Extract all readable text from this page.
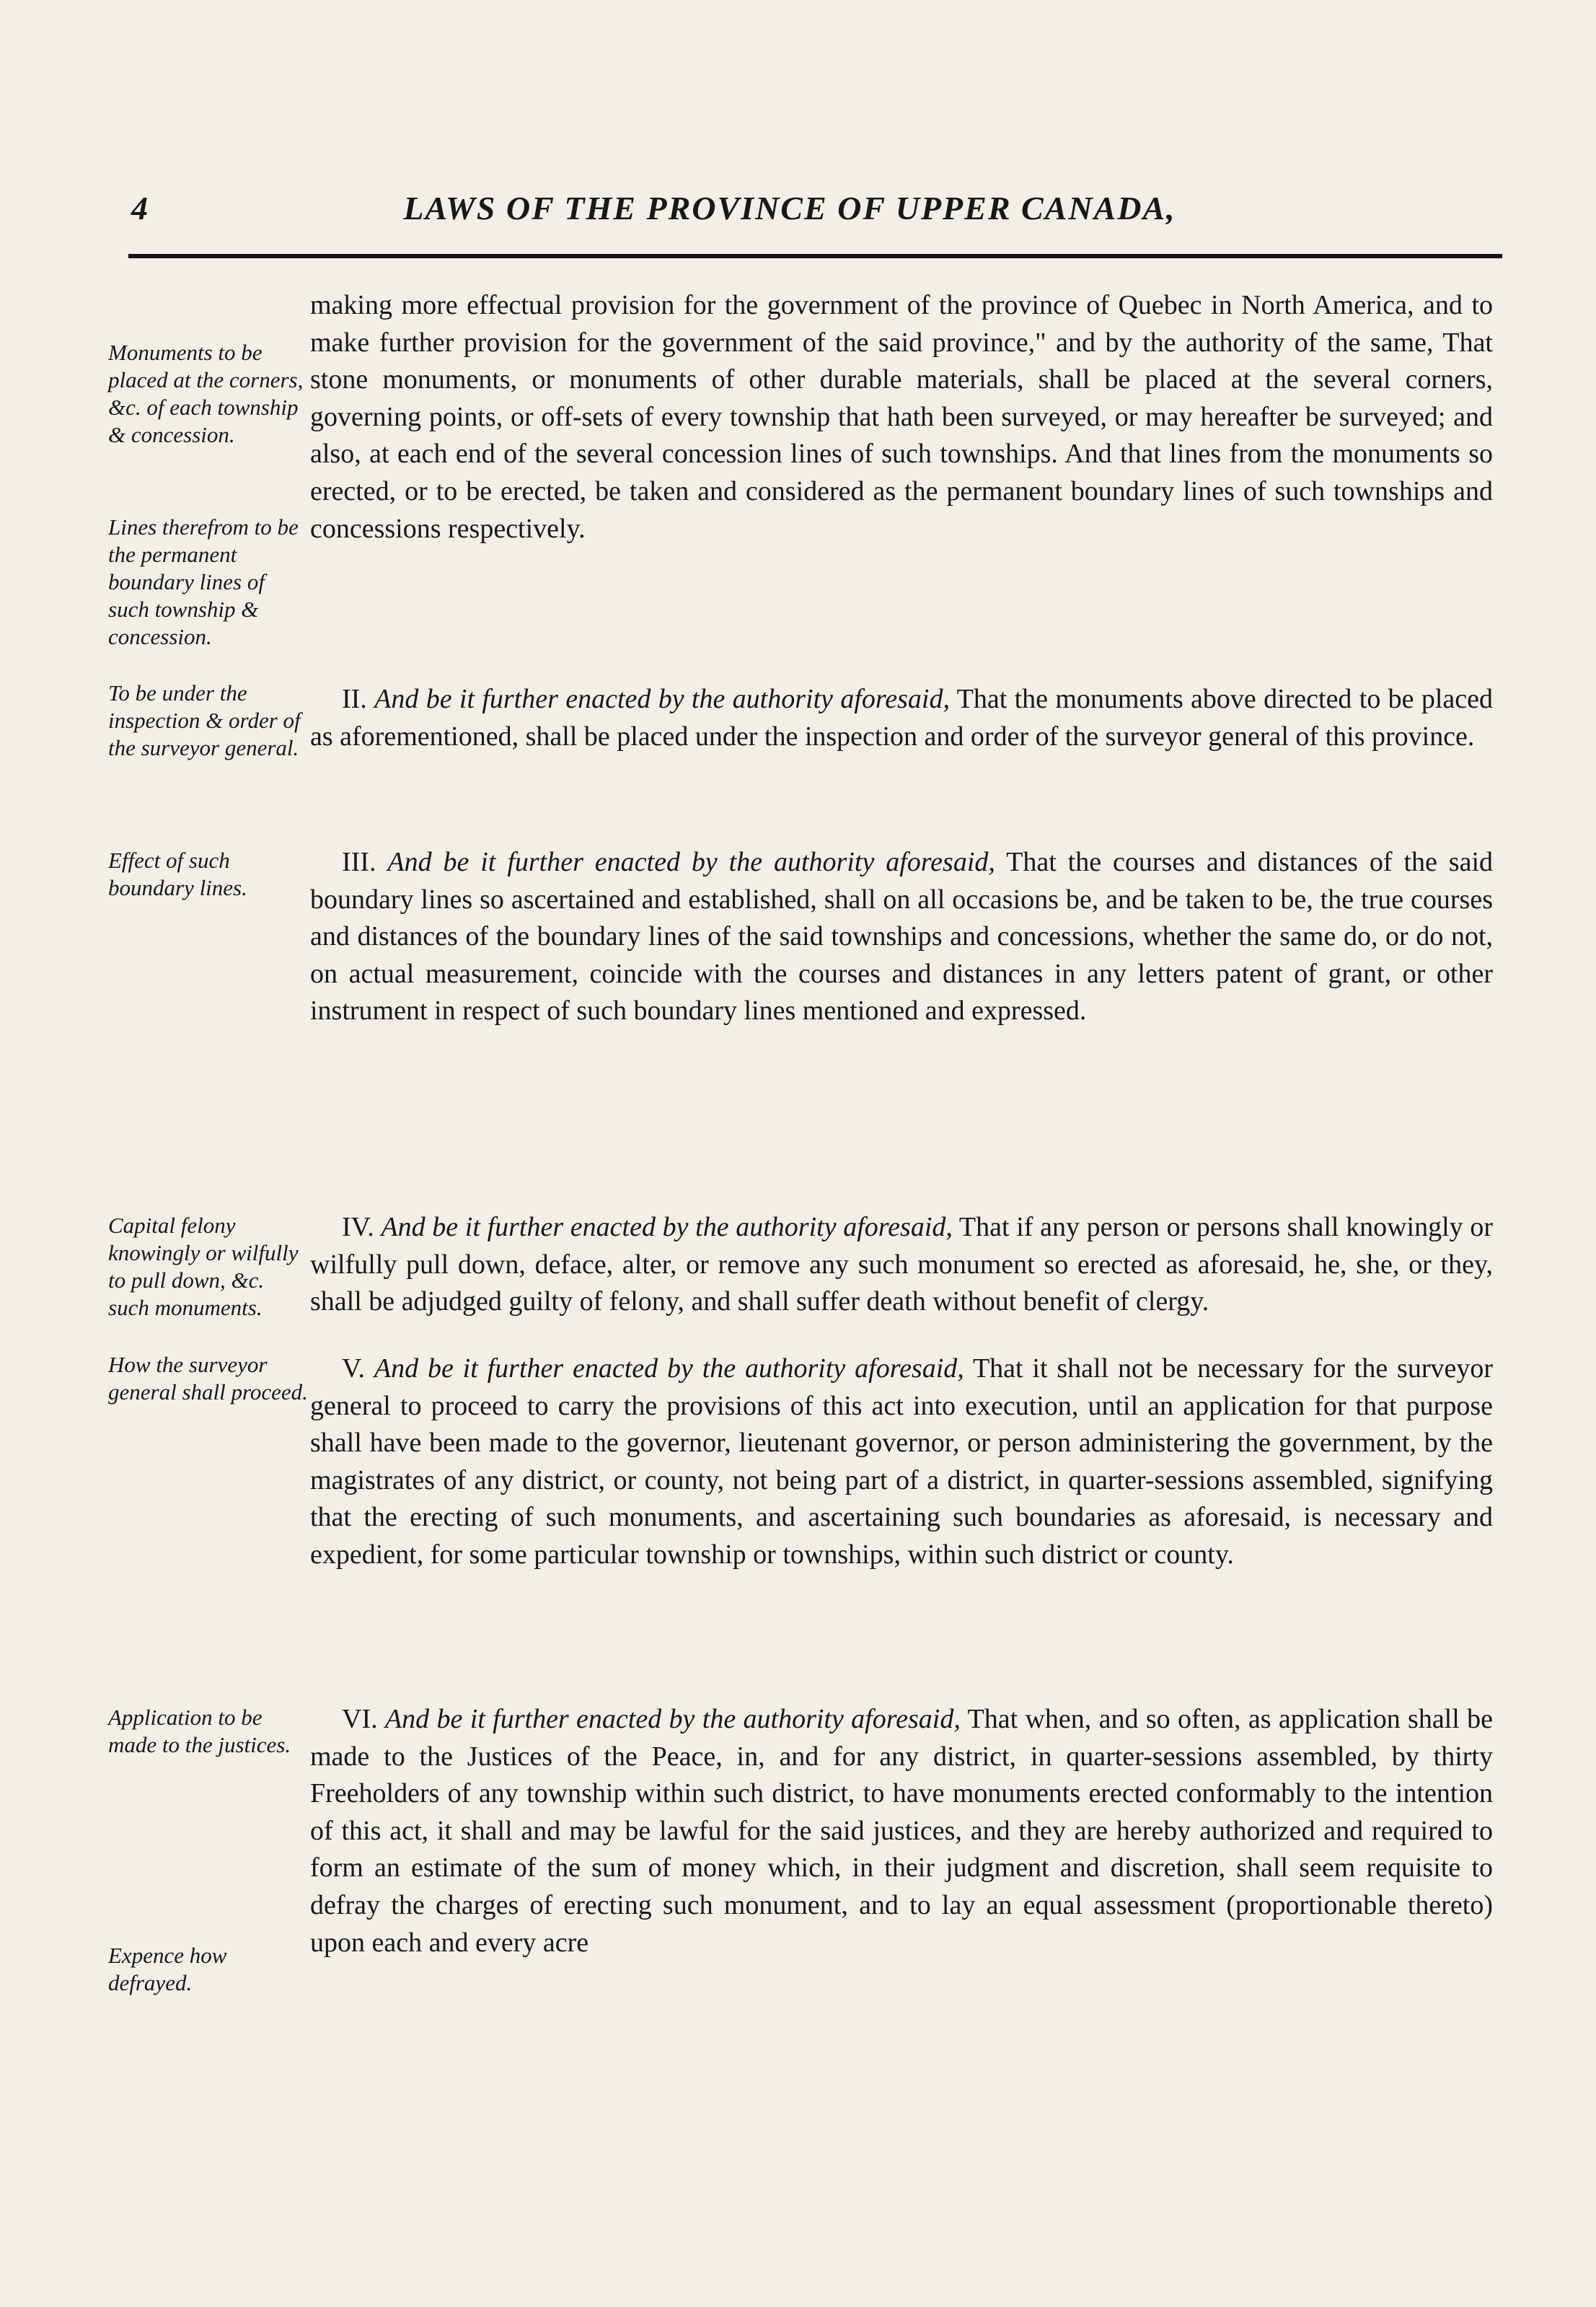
4	LAWS OF THE PROVINCE OF UPPER CANADA,
Monuments to be placed at the corners, &c. of each township & concession.
Lines therefrom to be the permanent boundary lines of such township & concession.
To be under the inspection & order of the surveyor general.
Effect of such boundary lines.
Capital felony knowingly or wilfully to pull down, &c. such monuments.
How the surveyor general shall proceed.
Application to be made to the justices.
Expence how defrayed.
making more effectual provision for the government of the province of Quebec in North America, and to make further provision for the government of the said province," and by the authority of the same, That stone monuments, or monuments of other durable materials, shall be placed at the several corners, governing points, or off-sets of every township that hath been surveyed, or may hereafter be surveyed; and also, at each end of the several concession lines of such townships. And that lines from the monuments so erected, or to be erected, be taken and considered as the permanent boundary lines of such townships and concessions respectively.
II. And be it further enacted by the authority aforesaid, That the monuments above directed to be placed as aforementioned, shall be placed under the inspection and order of the surveyor general of this province.
III. And be it further enacted by the authority aforesaid, That the courses and distances of the said boundary lines so ascertained and established, shall on all occasions be, and be taken to be, the true courses and distances of the boundary lines of the said townships and concessions, whether the same do, or do not, on actual measurement, coincide with the courses and distances in any letters patent of grant, or other instrument in respect of such boundary lines mentioned and expressed.
IV. And be it further enacted by the authority aforesaid, That if any person or persons shall knowingly or wilfully pull down, deface, alter, or remove any such monument so erected as aforesaid, he, she, or they, shall be adjudged guilty of felony, and shall suffer death without benefit of clergy.
V. And be it further enacted by the authority aforesaid, That it shall not be necessary for the surveyor general to proceed to carry the provisions of this act into execution, until an application for that purpose shall have been made to the governor, lieutenant governor, or person administering the government, by the magistrates of any district, or county, not being part of a district, in quarter-sessions assembled, signifying that the erecting of such monuments, and ascertaining such boundaries as aforesaid, is necessary and expedient, for some particular township or townships, within such district or county.
VI. And be it further enacted by the authority aforesaid, That when, and so often, as application shall be made to the Justices of the Peace, in, and for any district, in quarter-sessions assembled, by thirty Freeholders of any township within such district, to have monuments erected conformably to the intention of this act, it shall and may be lawful for the said justices, and they are hereby authorized and required to form an estimate of the sum of money which, in their judgment and discretion, shall seem requisite to defray the charges of erecting such monument, and to lay an equal assessment (proportionable thereto) upon each and every acre
